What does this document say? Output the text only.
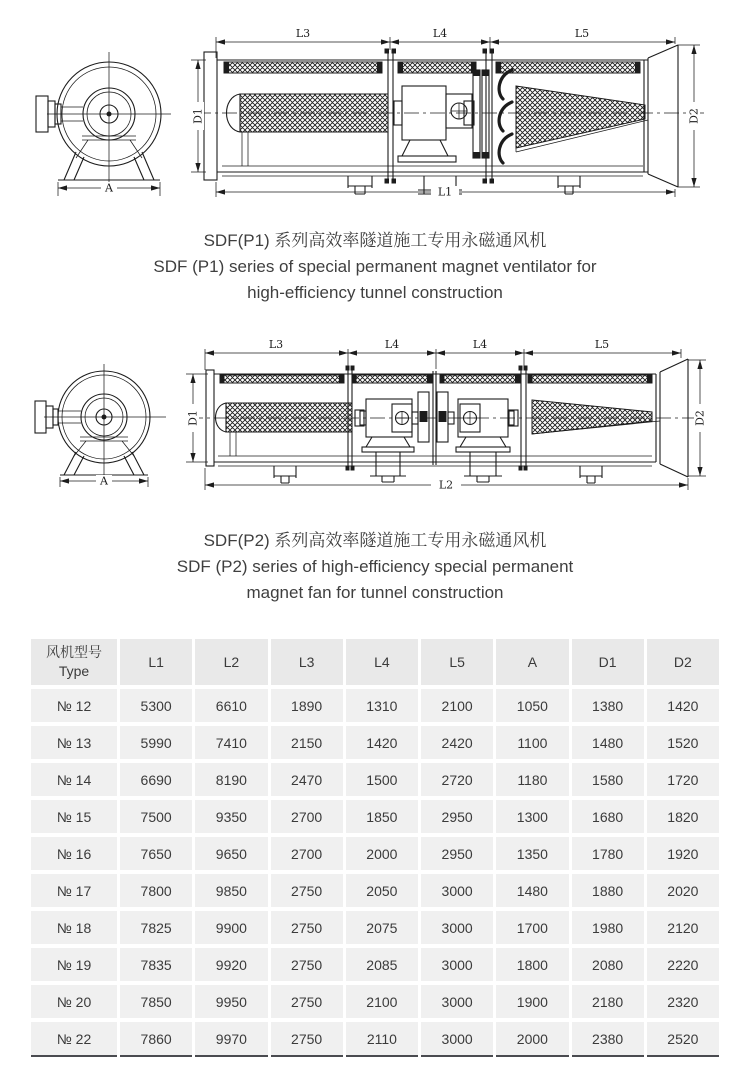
A
D1	D2
L3	L4	L5
L1
SDF(P1) 系列高效率隧道施工专用永磁通风机
SDF (P1) series of special permanent magnet ventilator for
high-efficiency tunnel construction
A
D1	D2
L3	L4	L4	L5
L2
SDF(P2) 系列高效率隧道施工专用永磁通风机
SDF (P2) series of high-efficiency special permanent
magnet fan for tunnel construction
风机型号
Type	L1	L2	L3	L4	L5	A	D1	D2
№ 12	5300	6610	1890	1310	2100	1050	1380	1420
№ 13	5990	7410	2150	1420	2420	1100	1480	1520
№ 14	6690	8190	2470	1500	2720	1180	1580	1720
№ 15	7500	9350	2700	1850	2950	1300	1680	1820
№ 16	7650	9650	2700	2000	2950	1350	1780	1920
№ 17	7800	9850	2750	2050	3000	1480	1880	2020
№ 18	7825	9900	2750	2075	3000	1700	1980	2120
№ 19	7835	9920	2750	2085	3000	1800	2080	2220
№ 20	7850	9950	2750	2100	3000	1900	2180	2320
№ 22	7860	9970	2750	2110	3000	2000	2380	2520
